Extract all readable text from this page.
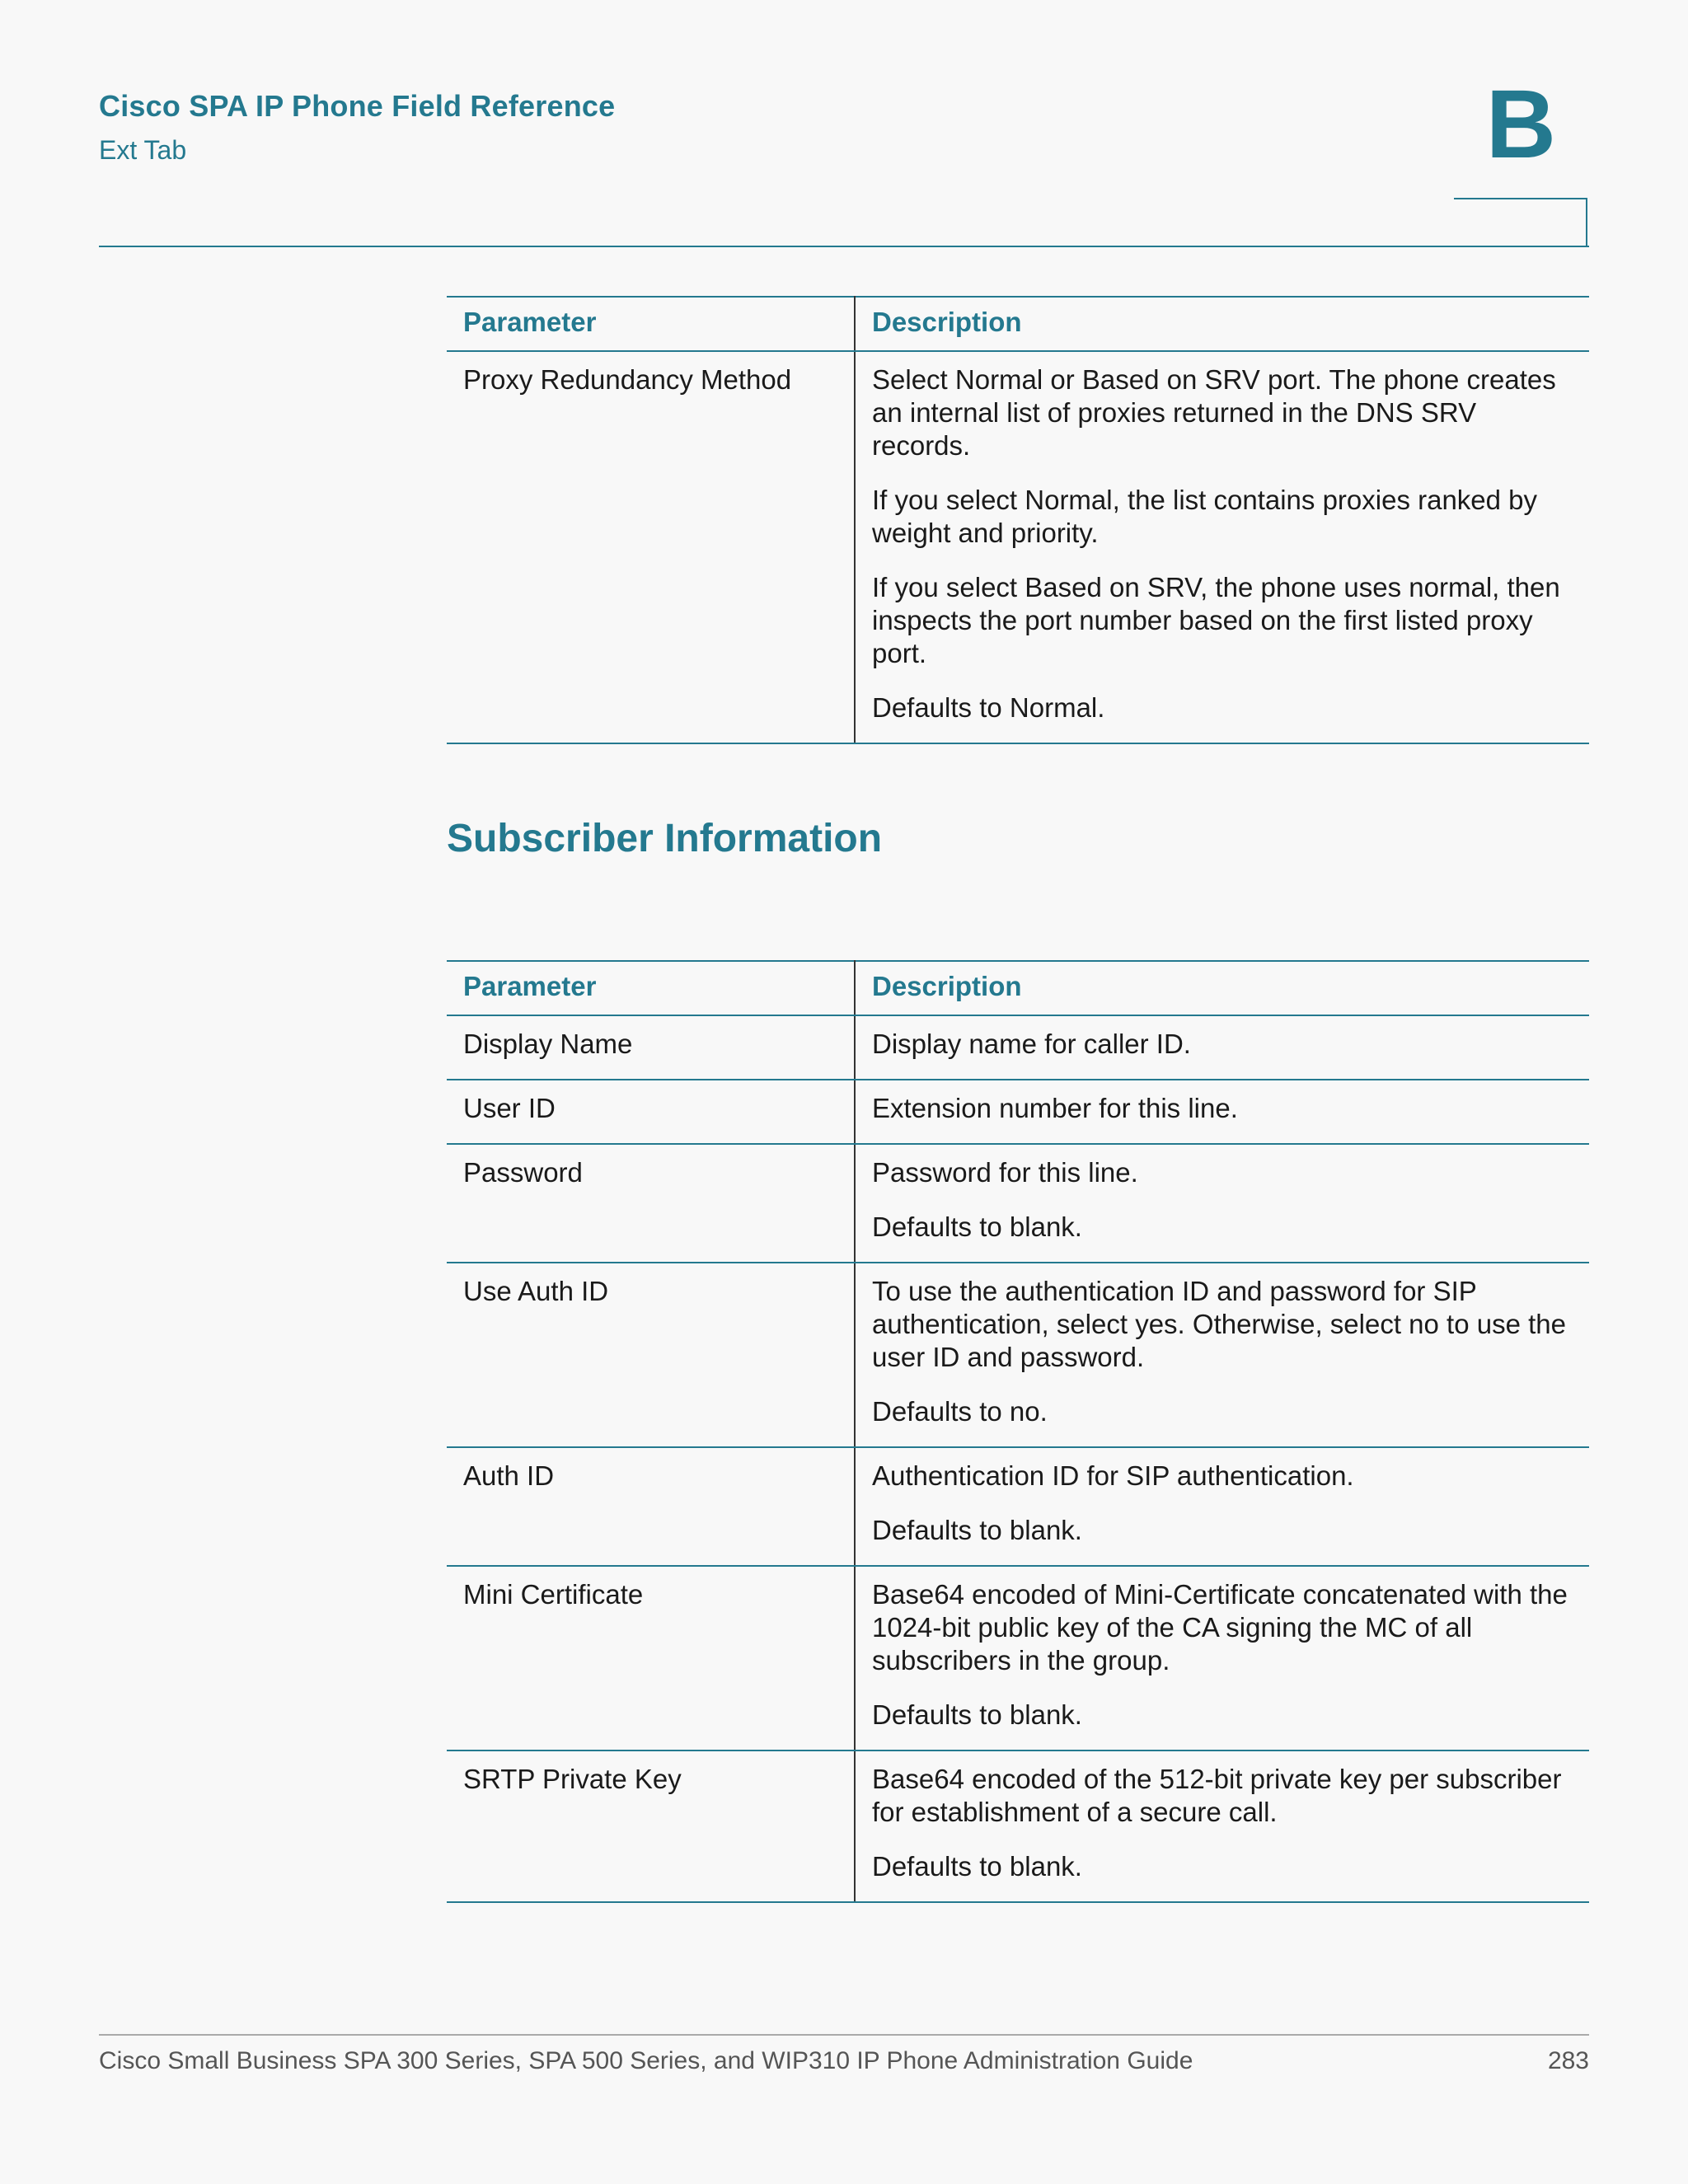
Cisco SPA IP Phone Field Reference
Ext Tab	B
Parameter	Description
Proxy Redundancy Method	Select Normal or Based on SRV port. The phone creates an internal list of proxies returned in the DNS SRV records.

If you select Normal, the list contains proxies ranked by weight and priority.

If you select Based on SRV, the phone uses normal, then inspects the port number based on the first listed proxy port.

Defaults to Normal.

Subscriber Information
Parameter	Description
Display Name	Display name for caller ID.

User ID	Extension number for this line.

Password	Password for this line.

Defaults to blank.

Use Auth ID	To use the authentication ID and password for SIP authentication, select yes. Otherwise, select no to use the user ID and password.

Defaults to no.

Auth ID	Authentication ID for SIP authentication.

Defaults to blank.

Mini Certificate	Base64 encoded of Mini-Certificate concatenated with the 1024-bit public key of the CA signing the MC of all subscribers in the group.

Defaults to blank.

SRTP Private Key	Base64 encoded of the 512-bit private key per subscriber for establishment of a secure call.

Defaults to blank.

Cisco Small Business SPA 300 Series, SPA 500 Series, and WIP310 IP Phone Administration Guide	283
